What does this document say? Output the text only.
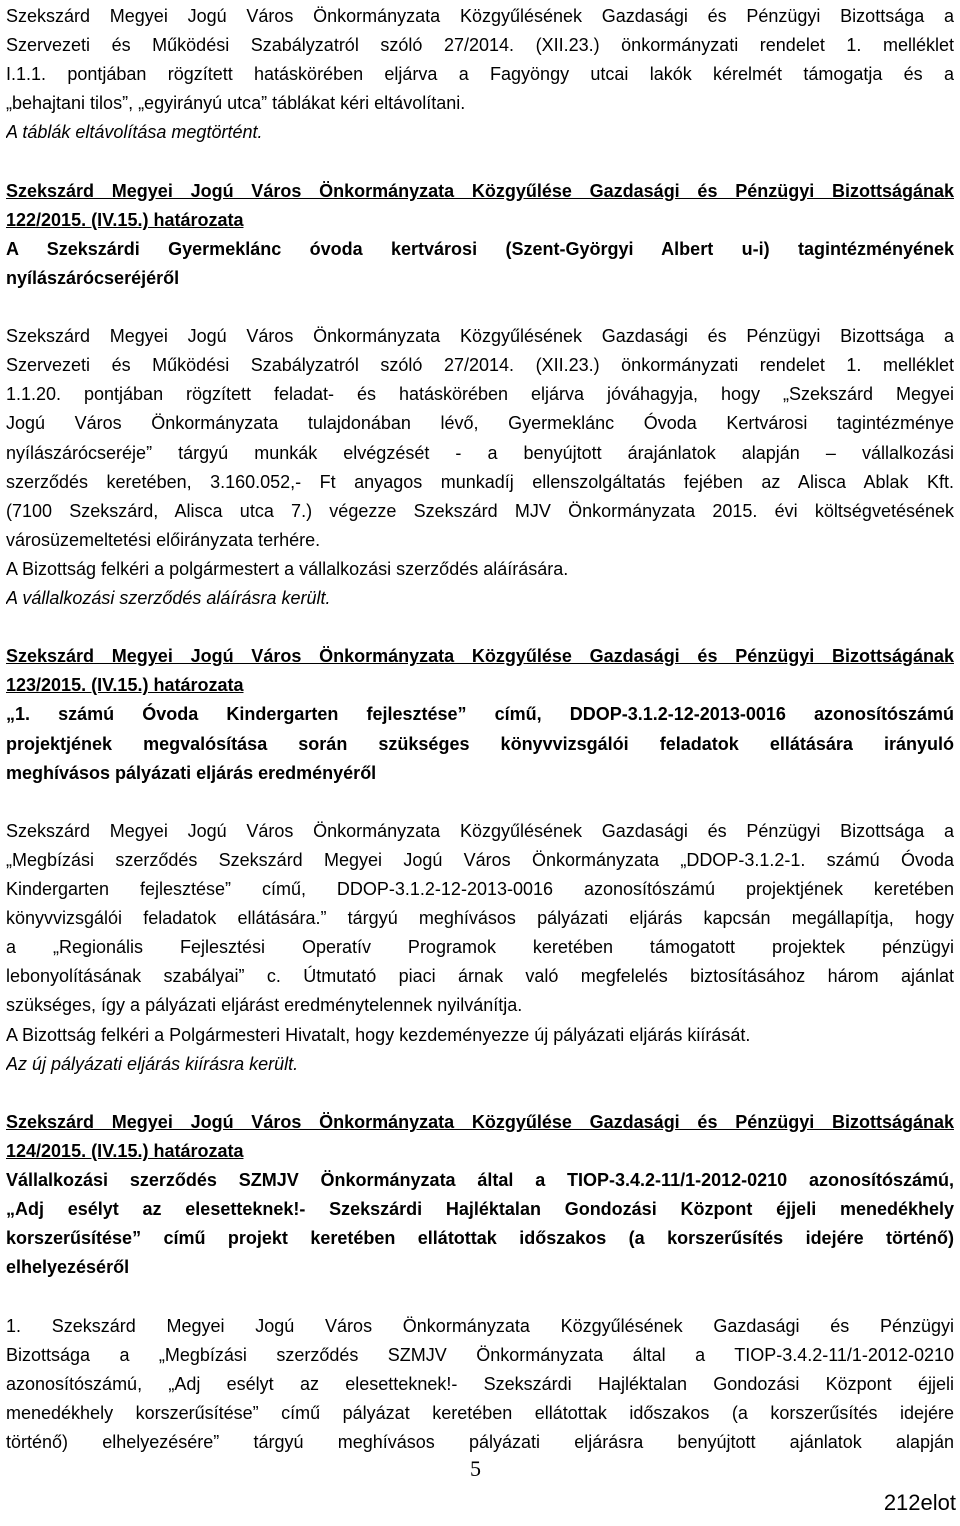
Szekszárd Megyei Jogú Város Önkormányzata Közgyűlésének Gazdasági és Pénzügyi Bizottsága a
Szervezeti és Működési Szabályzatról szóló 27/2014. (XII.23.) önkormányzati rendelet 1. melléklet
I.1.1. pontjában rögzített hatáskörében eljárva a Fagyöngy utcai lakók kérelmét támogatja és a
„behajtani tilos”, „egyirányú utca” táblákat kéri eltávolítani.
A táblák eltávolítása megtörtént.
Szekszárd Megyei Jogú Város Önkormányzata Közgyűlése Gazdasági és Pénzügyi Bizottságának
122/2015. (IV.15.) határozata
A Szekszárdi Gyermeklánc óvoda kertvárosi (Szent-Györgyi Albert u-i) tagintézményének
nyílászárócseréjéről
Szekszárd Megyei Jogú Város Önkormányzata Közgyűlésének Gazdasági és Pénzügyi Bizottsága a
Szervezeti és Működési Szabályzatról szóló 27/2014. (XII.23.) önkormányzati rendelet 1. melléklet
1.1.20. pontjában rögzített feladat- és hatáskörében eljárva jóváhagyja, hogy „Szekszárd Megyei
Jogú Város Önkormányzata tulajdonában lévő, Gyermeklánc Óvoda Kertvárosi tagintézménye
nyílászárócseréje” tárgyú munkák elvégzését - a benyújtott árajánlatok alapján – vállalkozási
szerződés keretében, 3.160.052,- Ft anyagos munkadíj ellenszolgáltatás fejében az Alisca Ablak Kft.
(7100 Szekszárd, Alisca utca 7.) végezze Szekszárd MJV Önkormányzata 2015. évi költségvetésének
városüzemeltetési előirányzata terhére.
A Bizottság felkéri a polgármestert a vállalkozási szerződés aláírására.
A vállalkozási szerződés aláírásra került.
Szekszárd Megyei Jogú Város Önkormányzata Közgyűlése Gazdasági és Pénzügyi Bizottságának
123/2015. (IV.15.) határozata
„1. számú Óvoda Kindergarten fejlesztése” című, DDOP-3.1.2-12-2013-0016 azonosítószámú
projektjének megvalósítása során szükséges könyvvizsgálói feladatok ellátására irányuló
meghívásos pályázati eljárás eredményéről
Szekszárd Megyei Jogú Város Önkormányzata Közgyűlésének Gazdasági és Pénzügyi Bizottsága a
„Megbízási szerződés Szekszárd Megyei Jogú Város Önkormányzata „DDOP-3.1.2-1. számú Óvoda
Kindergarten fejlesztése” című, DDOP-3.1.2-12-2013-0016 azonosítószámú projektjének keretében
könyvvizsgálói feladatok ellátására.” tárgyú meghívásos pályázati eljárás kapcsán megállapítja, hogy
a „Regionális Fejlesztési Operatív Programok keretében támogatott projektek pénzügyi
lebonyolításának szabályai” c. Útmutató piaci árnak való megfelelés biztosításához három ajánlat
szükséges, így a pályázati eljárást eredménytelennek nyilvánítja.
A Bizottság felkéri a Polgármesteri Hivatalt, hogy kezdeményezze új pályázati eljárás kiírását.
Az új pályázati eljárás kiírásra került.
Szekszárd Megyei Jogú Város Önkormányzata Közgyűlése Gazdasági és Pénzügyi Bizottságának
124/2015. (IV.15.) határozata
Vállalkozási szerződés SZMJV Önkormányzata által a TIOP-3.4.2-11/1-2012-0210 azonosítószámú,
„Adj esélyt az elesetteknek!- Szekszárdi Hajléktalan Gondozási Központ éjjeli menedékhely
korszerűsítése” című projekt keretében ellátottak időszakos (a korszerűsítés idejére történő)
elhelyezéséről
1. Szekszárd Megyei Jogú Város Önkormányzata Közgyűlésének Gazdasági és Pénzügyi
Bizottsága a „Megbízási szerződés SZMJV Önkormányzata által a TIOP-3.4.2-11/1-2012-0210
azonosítószámú, „Adj esélyt az elesetteknek!- Szekszárdi Hajléktalan Gondozási Központ éjjeli
menedékhely korszerűsítése” című pályázat keretében ellátottak időszakos (a korszerűsítés idejére
történő) elhelyezésére” tárgyú meghívásos pályázati eljárásra benyújtott ajánlatok alapján
5
212elot
